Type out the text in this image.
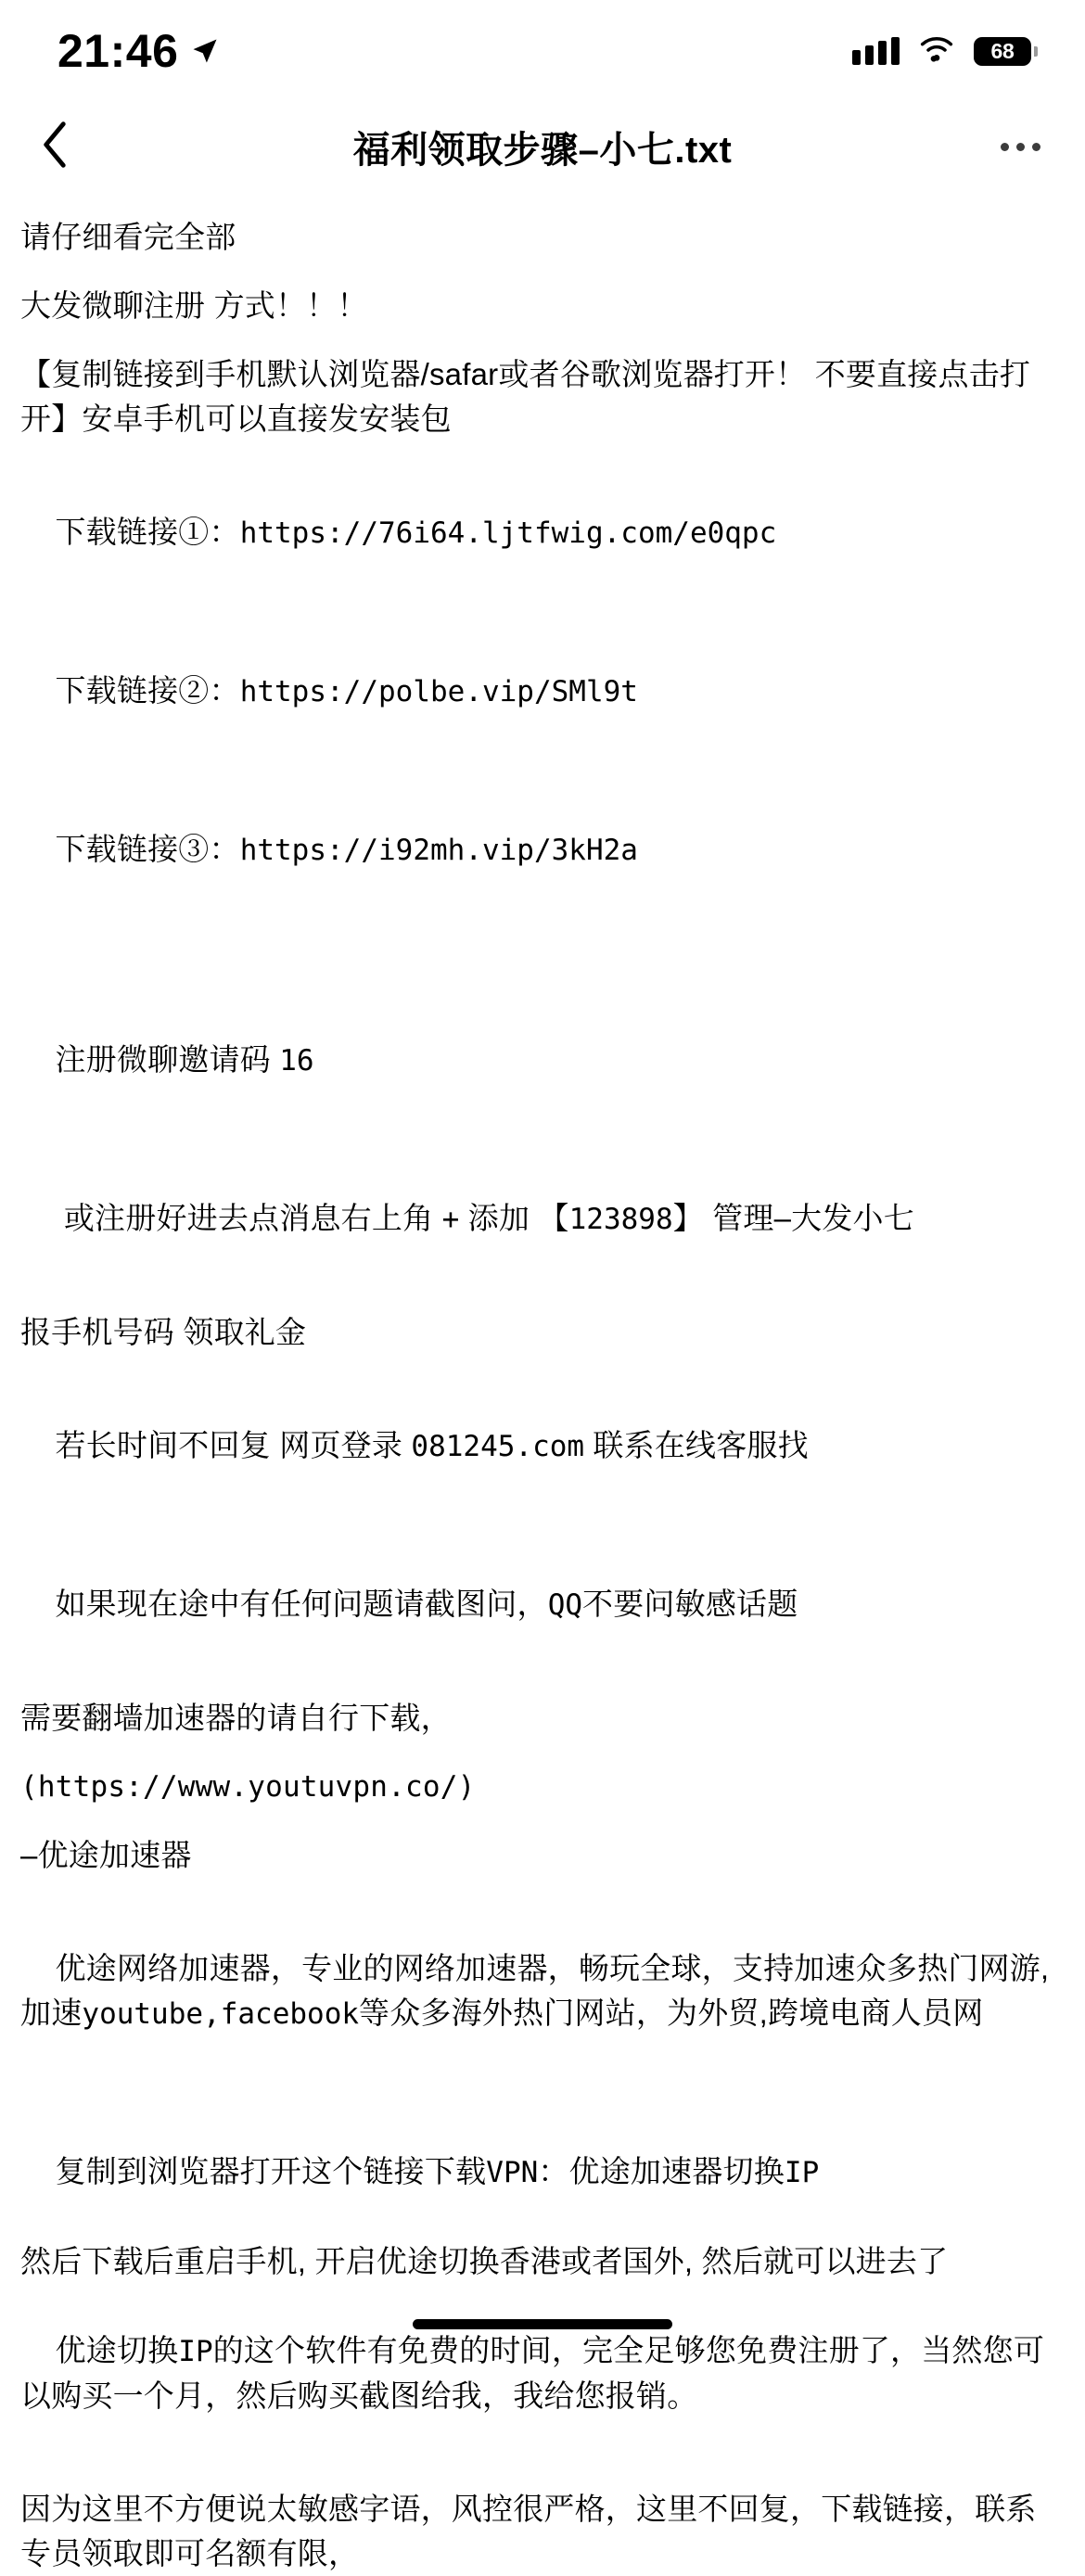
21:46	68
福利领取步骤–小七.txt

请仔细看完全部

大发微聊注册 方式！！！

【复制链接到手机默认浏览器/safar或者谷歌浏览器打开！ 不要直接点击打开】安卓手机可以直接发安装包

下载链接①：https://76i64.ljtfwig.com/e0qpc

下载链接②：https://polbe.vip/SMl9t

下载链接③：https://i92mh.vip/3kH2a

注册微聊邀请码 16

或注册好进去点消息右上角 + 添加 【123898】 管理–大发小七

报手机号码 领取礼金

若长时间不回复 网页登录 081245.com 联系在线客服找

如果现在途中有任何问题请截图问，QQ不要问敏感话题

需要翻墙加速器的请自行下载，

(https://www.youtuvpn.co/)

–优途加速器

优途网络加速器，专业的网络加速器，畅玩全球，支持加速众多热门网游,加速youtube,facebook等众多海外热门网站，为外贸,跨境电商人员网

复制到浏览器打开这个链接下载VPN：优途加速器切换IP

然后下载后重启手机, 开启优途切换香港或者国外, 然后就可以进去了

优途切换IP的这个软件有免费的时间，完全足够您免费注册了，当然您可以购买一个月，然后购买截图给我，我给您报销。

因为这里不方便说太敏感字语，风控很严格，这里不回复，下载链接，联系专员领取即可名额有限，
